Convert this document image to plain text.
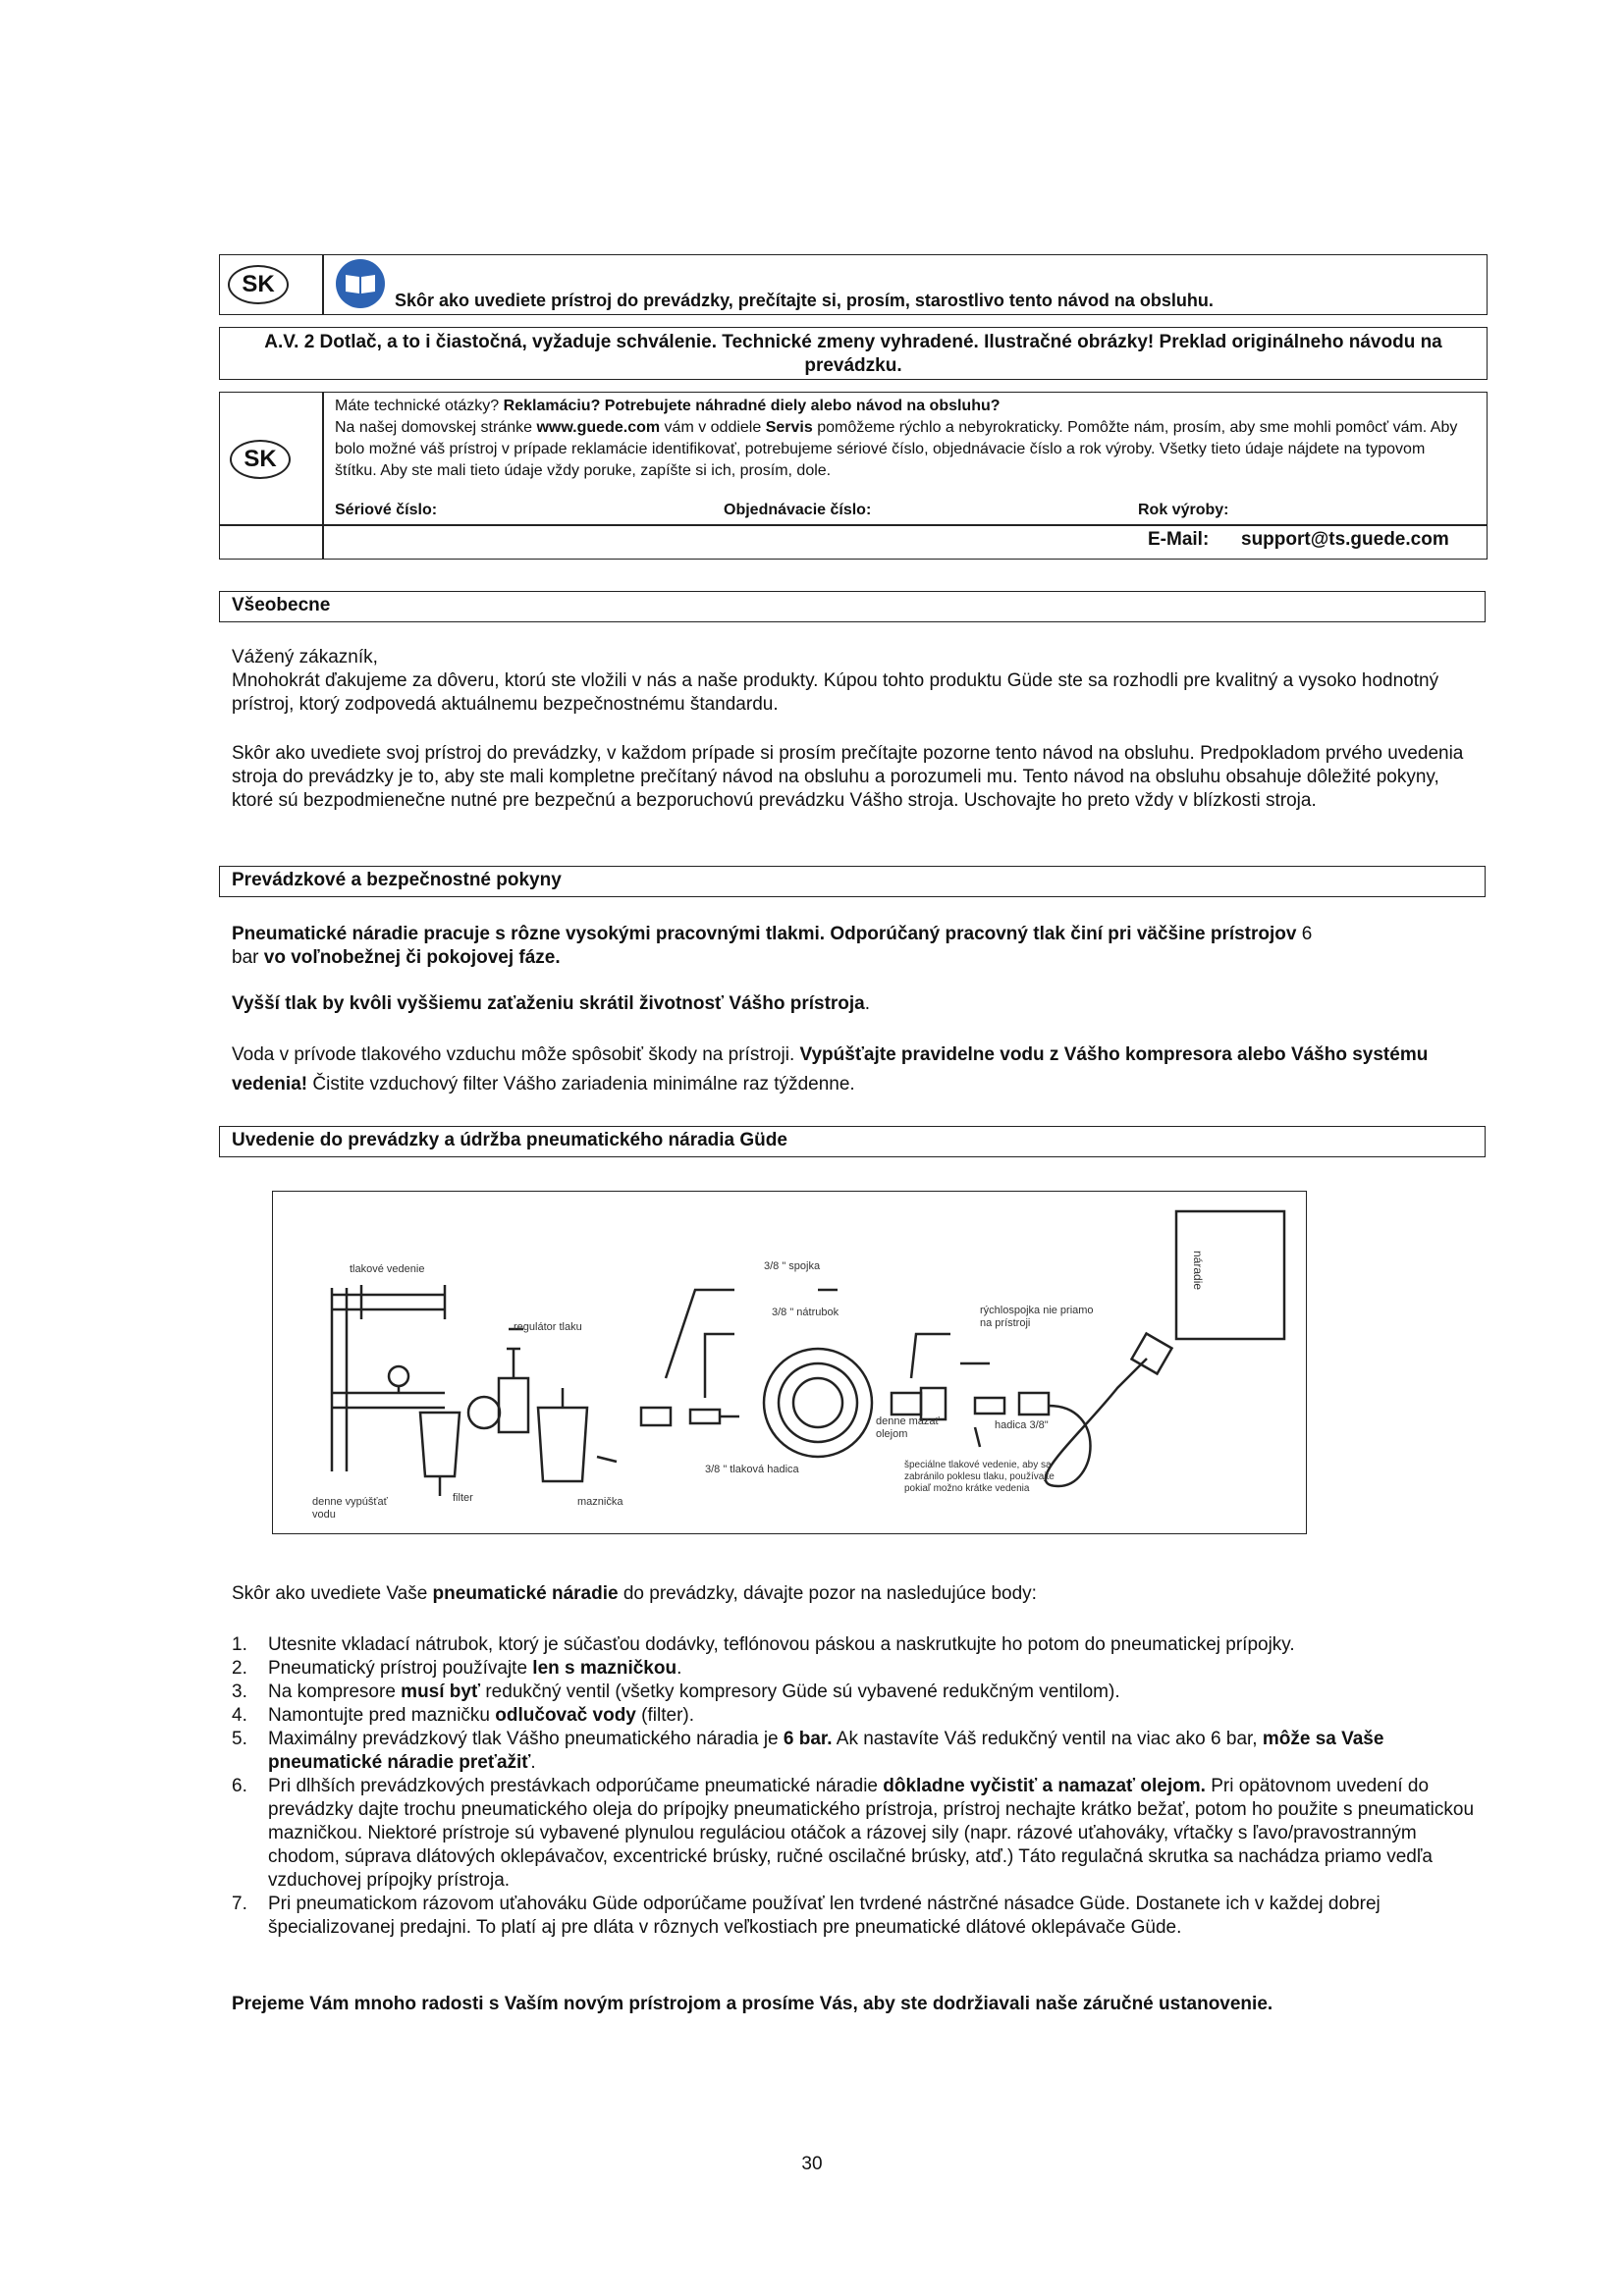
SK
Skôr ako uvediete prístroj do prevádzky, prečítajte si, prosím, starostlivo tento návod na obsluhu.
A.V. 2 Dotlač, a to i čiastočná, vyžaduje schválenie. Technické zmeny vyhradené. Ilustračné obrázky! Preklad originálneho návodu na prevádzku.
SK
Máte technické otázky? Reklamáciu? Potrebujete náhradné diely alebo návod na obsluhu?
Na našej domovskej stránke www.guede.com vám v oddiele Servis pomôžeme rýchlo a nebyrokraticky. Pomôžte nám, prosím, aby sme mohli pomôcť vám. Aby bolo možné váš prístroj v prípade reklamácie identifikovať, potrebujeme sériové číslo, objednávacie číslo a rok výroby. Všetky tieto údaje nájdete na typovom štítku. Aby ste mali tieto údaje vždy poruke, zapíšte si ich, prosím, dole.
Sériové číslo:	Objednávacie číslo:	Rok výroby:
E-Mail: support@ts.guede.com
Všeobecne
Vážený zákazník,
Mnohokrát ďakujeme za dôveru, ktorú ste vložili v nás a naše produkty. Kúpou tohto produktu Güde ste sa rozhodli pre kvalitný a vysoko hodnotný prístroj, ktorý zodpovedá aktuálnemu bezpečnostnému štandardu.
Skôr ako uvediete svoj prístroj do prevádzky, v každom prípade si prosím prečítajte pozorne tento návod na obsluhu. Predpokladom prvého uvedenia stroja do prevádzky je to, aby ste mali kompletne prečítaný návod na obsluhu a porozumeli mu. Tento návod na obsluhu obsahuje dôležité pokyny, ktoré sú bezpodmienečne nutné pre bezpečnú a bezporuchovú prevádzku Vášho stroja. Uschovajte ho preto vždy v blízkosti stroja.
Prevádzkové a bezpečnostné pokyny
Pneumatické náradie pracuje s rôzne vysokými pracovnými tlakmi. Odporúčaný pracovný tlak činí pri väčšine prístrojov 6 bar vo voľnobežnej či pokojovej fáze.
Vyšší tlak by kvôli vyššiemu zaťaženiu skrátil životnosť Vášho prístroja.
Voda v prívode tlakového vzduchu môže spôsobiť škody na prístroji. Vypúšťajte pravidelne vodu z Vášho kompresora alebo Vášho systému vedenia! Čistite vzduchový filter Vášho zariadenia minimálne raz týždenne.
Uvedenie do prevádzky a údržba pneumatického náradia Güde
náradie
tlakové vedenie	3/8 " spojka
3/8 " nátrubok	rýchlospojka nie priamo na prístroji
regulátor tlaku
denne mazať olejom
hadica 3/8"
3/8 " tlaková hadica	špeciálne tlakové vedenie, aby sa zabránilo poklesu tlaku, používajte pokiaľ možno krátke vedenia
filter	maznička
denne vypúšťať vodu
Skôr ako uvediete Vaše pneumatické náradie do prevádzky, dávajte pozor na nasledujúce body:
1. Utesnite vkladací nátrubok, ktorý je súčasťou dodávky, teflónovou páskou a naskrutkujte ho potom do pneumatickej prípojky.
2. Pneumatický prístroj používajte len s mazničkou.
3. Na kompresore musí byť redukčný ventil (všetky kompresory Güde sú vybavené redukčným ventilom).
4. Namontujte pred mazničku odlučovač vody (filter).
5. Maximálny prevádzkový tlak Vášho pneumatického náradia je 6 bar. Ak nastavíte Váš redukčný ventil na viac ako 6 bar, môže sa Vaše pneumatické náradie preťažiť.
6. Pri dlhších prevádzkových prestávkach odporúčame pneumatické náradie dôkladne vyčistiť a namazať olejom. Pri opätovnom uvedení do prevádzky dajte trochu pneumatického oleja do prípojky pneumatického prístroja, prístroj nechajte krátko bežať, potom ho použite s pneumatickou mazničkou. Niektoré prístroje sú vybavené plynulou reguláciou otáčok a rázovej sily (napr. rázové uťahováky, vŕtačky s ľavo/pravostranným chodom, súprava dlátových oklepávačov, excentrické brúsky, ručné oscilačné brúsky, atď.) Táto regulačná skrutka sa nachádza priamo vedľa vzduchovej prípojky prístroja.
7. Pri pneumatickom rázovom uťahováku Güde odporúčame používať len tvrdené nástrčné násadce Güde. Dostanete ich v každej dobrej špecializovanej predajni. To platí aj pre dláta v rôznych veľkostiach pre pneumatické dlátové oklepávače Güde.
Prejeme Vám mnoho radosti s Vaším novým prístrojom a prosíme Vás, aby ste dodržiavali naše záručné ustanovenie.
30
